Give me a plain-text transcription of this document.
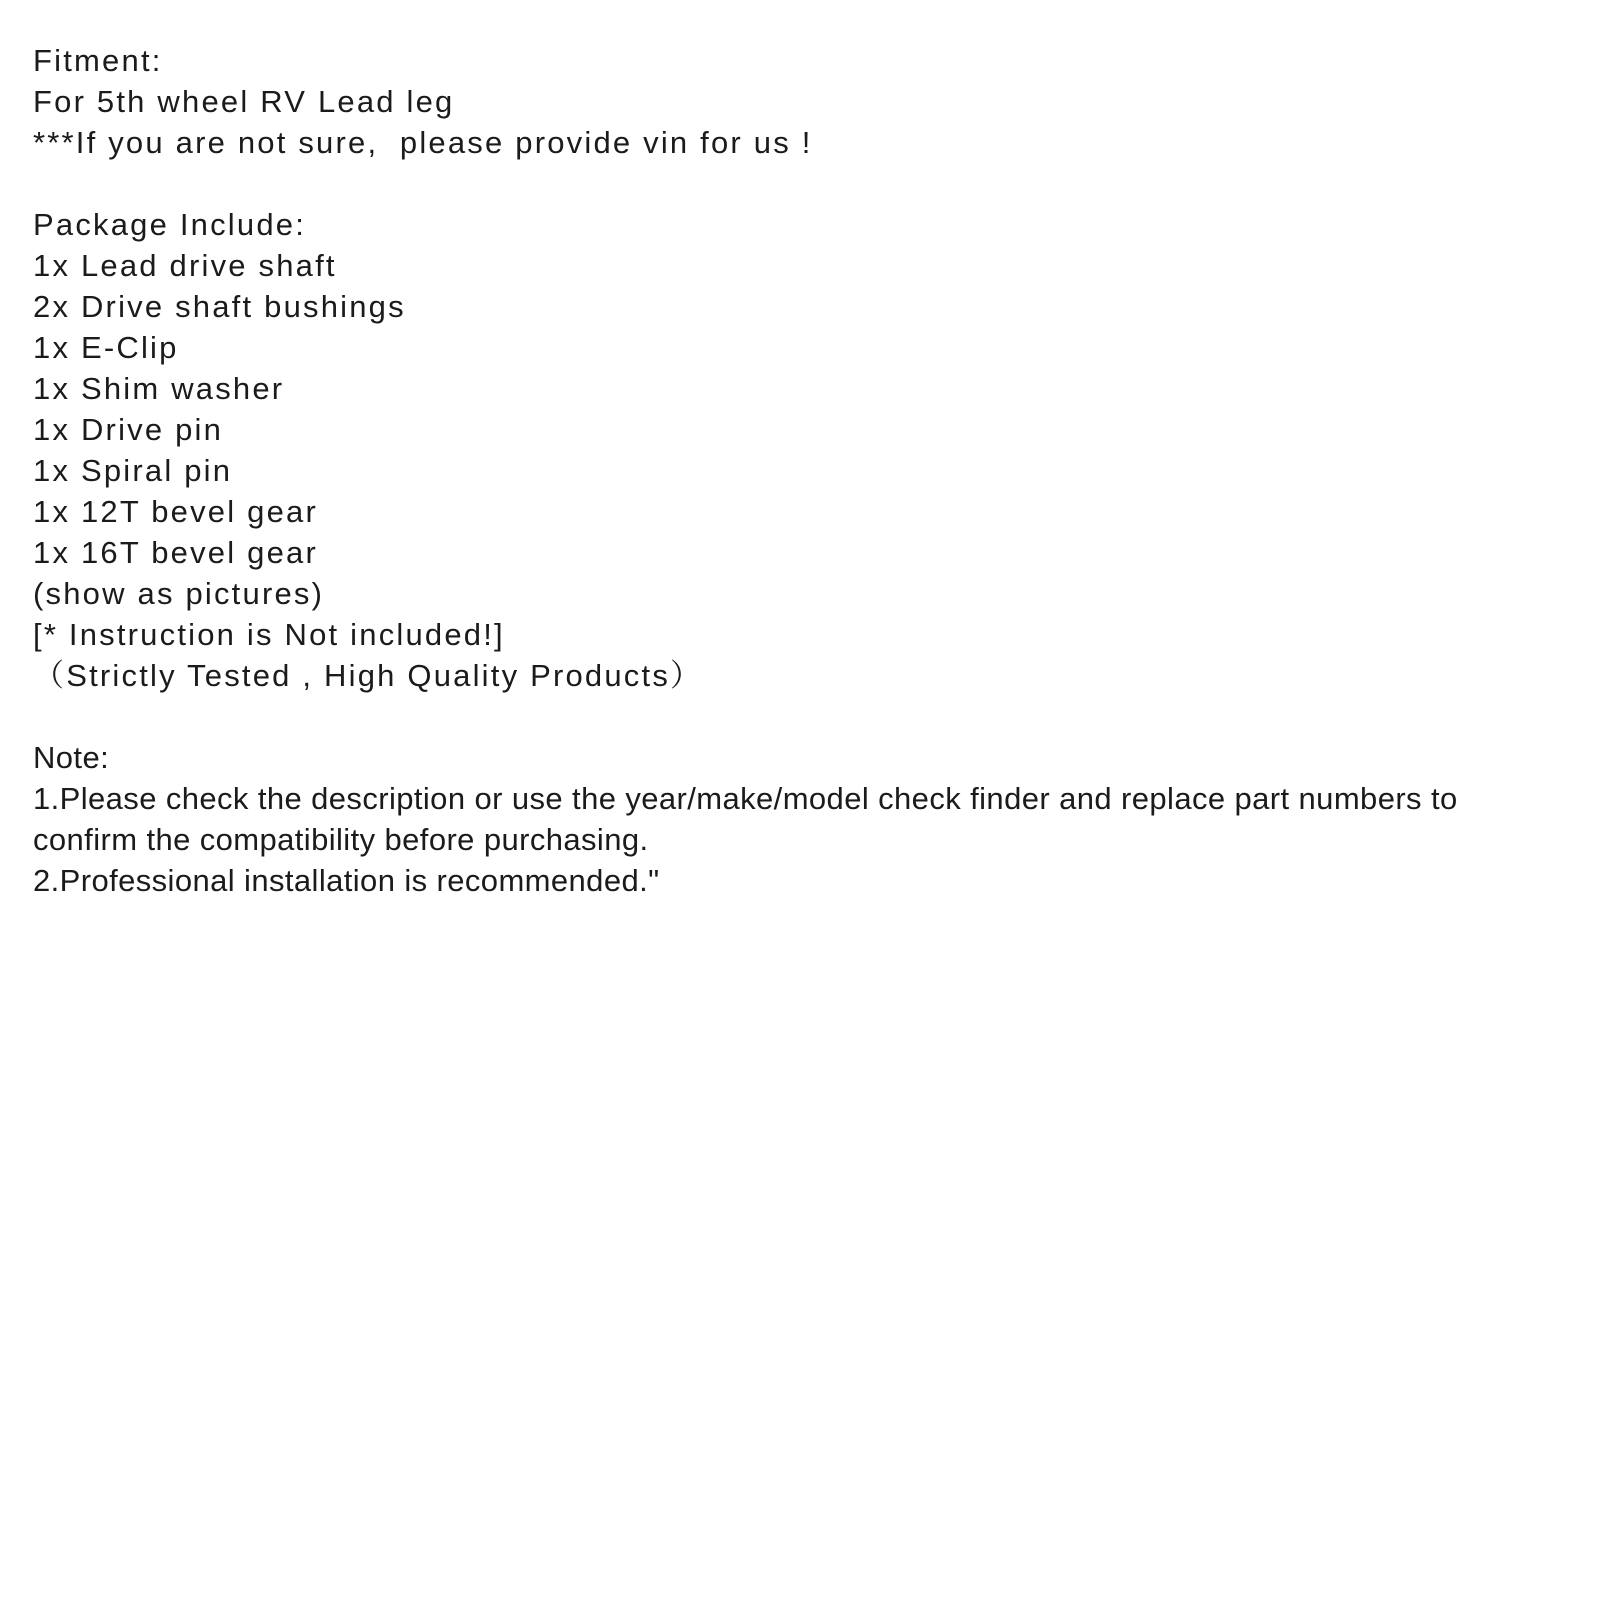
Fitment:
For 5th wheel RV Lead leg
***If you are not sure,  please provide vin for us !
Package Include:
1x Lead drive shaft
2x Drive shaft bushings
1x E-Clip
1x Shim washer
1x Drive pin
1x Spiral pin
1x 12T bevel gear
1x 16T bevel gear
(show as pictures)
[* Instruction is Not included!]
（Strictly Tested , High Quality Products）
Note:
1.Please check the description or use the year/make/model check finder and replace part numbers to confirm the compatibility before purchasing.
2.Professional installation is recommended."
